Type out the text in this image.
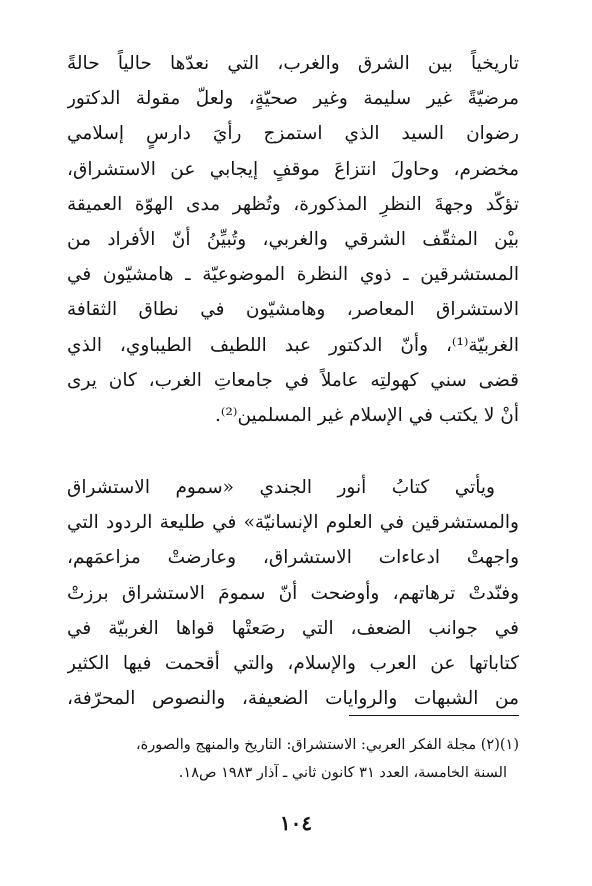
تاريخياً بين الشرق والغرب، التي نعدّها حالياً حالةً
مرضيّةً غير سليمة وغير صحيّةٍ، ولعلّ مقولة الدكتور
رضوان السيد الذي استمزج رأيَ دارسٍ إسلامي
مخضرم، وحاولَ انتزاعَ موقفٍ إيجابي عن الاستشراق،
تؤكّد وجهةَ النظرِ المذكورة، وتُظهر مدى الهوّة العميقة
بيْن المثقّف الشرقي والغربي، وتُبيِّنُ أنّ الأفراد من
المستشرقين ـ ذوي النظرة الموضوعيّة ـ هامشيّون في
الاستشراق المعاصر، وهامشيّون في نطاق الثقافة
الغربيّة⁽¹⁾، وأنّ الدكتور عبد اللطيف الطيباوي، الذي
قضى سني كهولتِه عاملاً في جامعاتِ الغرب، كان يرى
أنْ لا يكتب في الإسلام غير المسلمين⁽²⁾.
ويأتي كتابُ أنور الجندي «سموم الاستشراق
والمستشرقين في العلوم الإنسانيّة» في طليعة الردود التي
واجهتْ ادعاءات الاستشراق، وعارضتْ مزاعمَهم،
وفنّدتْ ترهاتهم، وأوضحت أنّ سمومَ الاستشراق برزتْ
في جوانب الضعف، التي رصَعتْها قواها الغربيّة في
كتاباتها عن العرب والإسلام، والتي أقحمت فيها الكثير
من الشبهات والروايات الضعيفة، والنصوص المحرّفة،
(١)(٢) مجلة الفكر العربي: الاستشراق: التاريخ والمنهج والصورة،
السنة الخامسة، العدد ٣١ كانون ثاني ـ آذار ١٩٨٣ ص١٨.
١٠٤
